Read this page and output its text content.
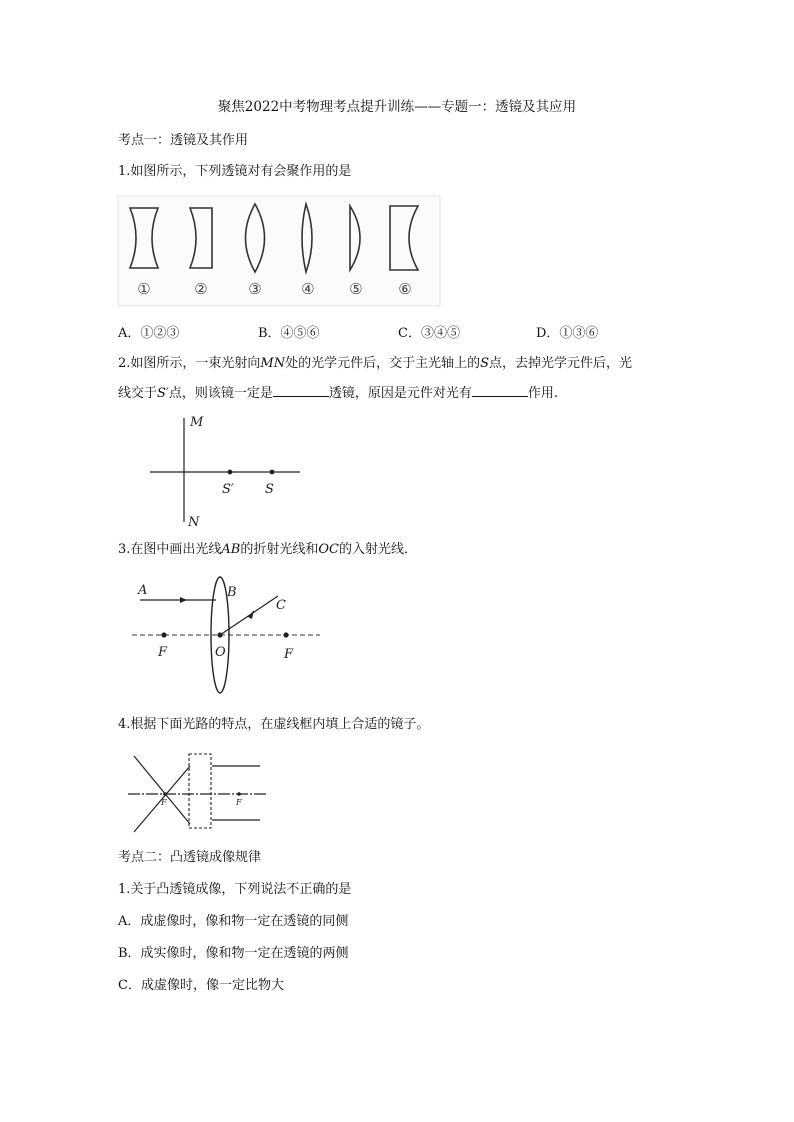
聚焦2022中考物理考点提升训练——专题一：透镜及其应用
考点一：透镜及其作用
1.如图所示，下列透镜对有会聚作用的是
①	②	③	④ ⑤ ⑥
A．①②③	B．④⑤⑥	C．③④⑤	D．①③⑥
2.如图所示，一束光射向MN处的光学元件后，交于主光轴上的S点，去掉光学元件后，光
线交于S′点，则该镜一定是	透镜，原因是元件对光有	作用.
M
N
S′ S
3.在图中画出光线AB的折射光线和OC的入射光线．
A	B
C
F	O	F
4.根据下面光路的特点，在虚线框内填上合适的镜子。
F	F
考点二：凸透镜成像规律
1.关于凸透镜成像，下列说法不正确的是
A．成虚像时，像和物一定在透镜的同侧
B．成实像时，像和物一定在透镜的两侧
C．成虚像时，像一定比物大
